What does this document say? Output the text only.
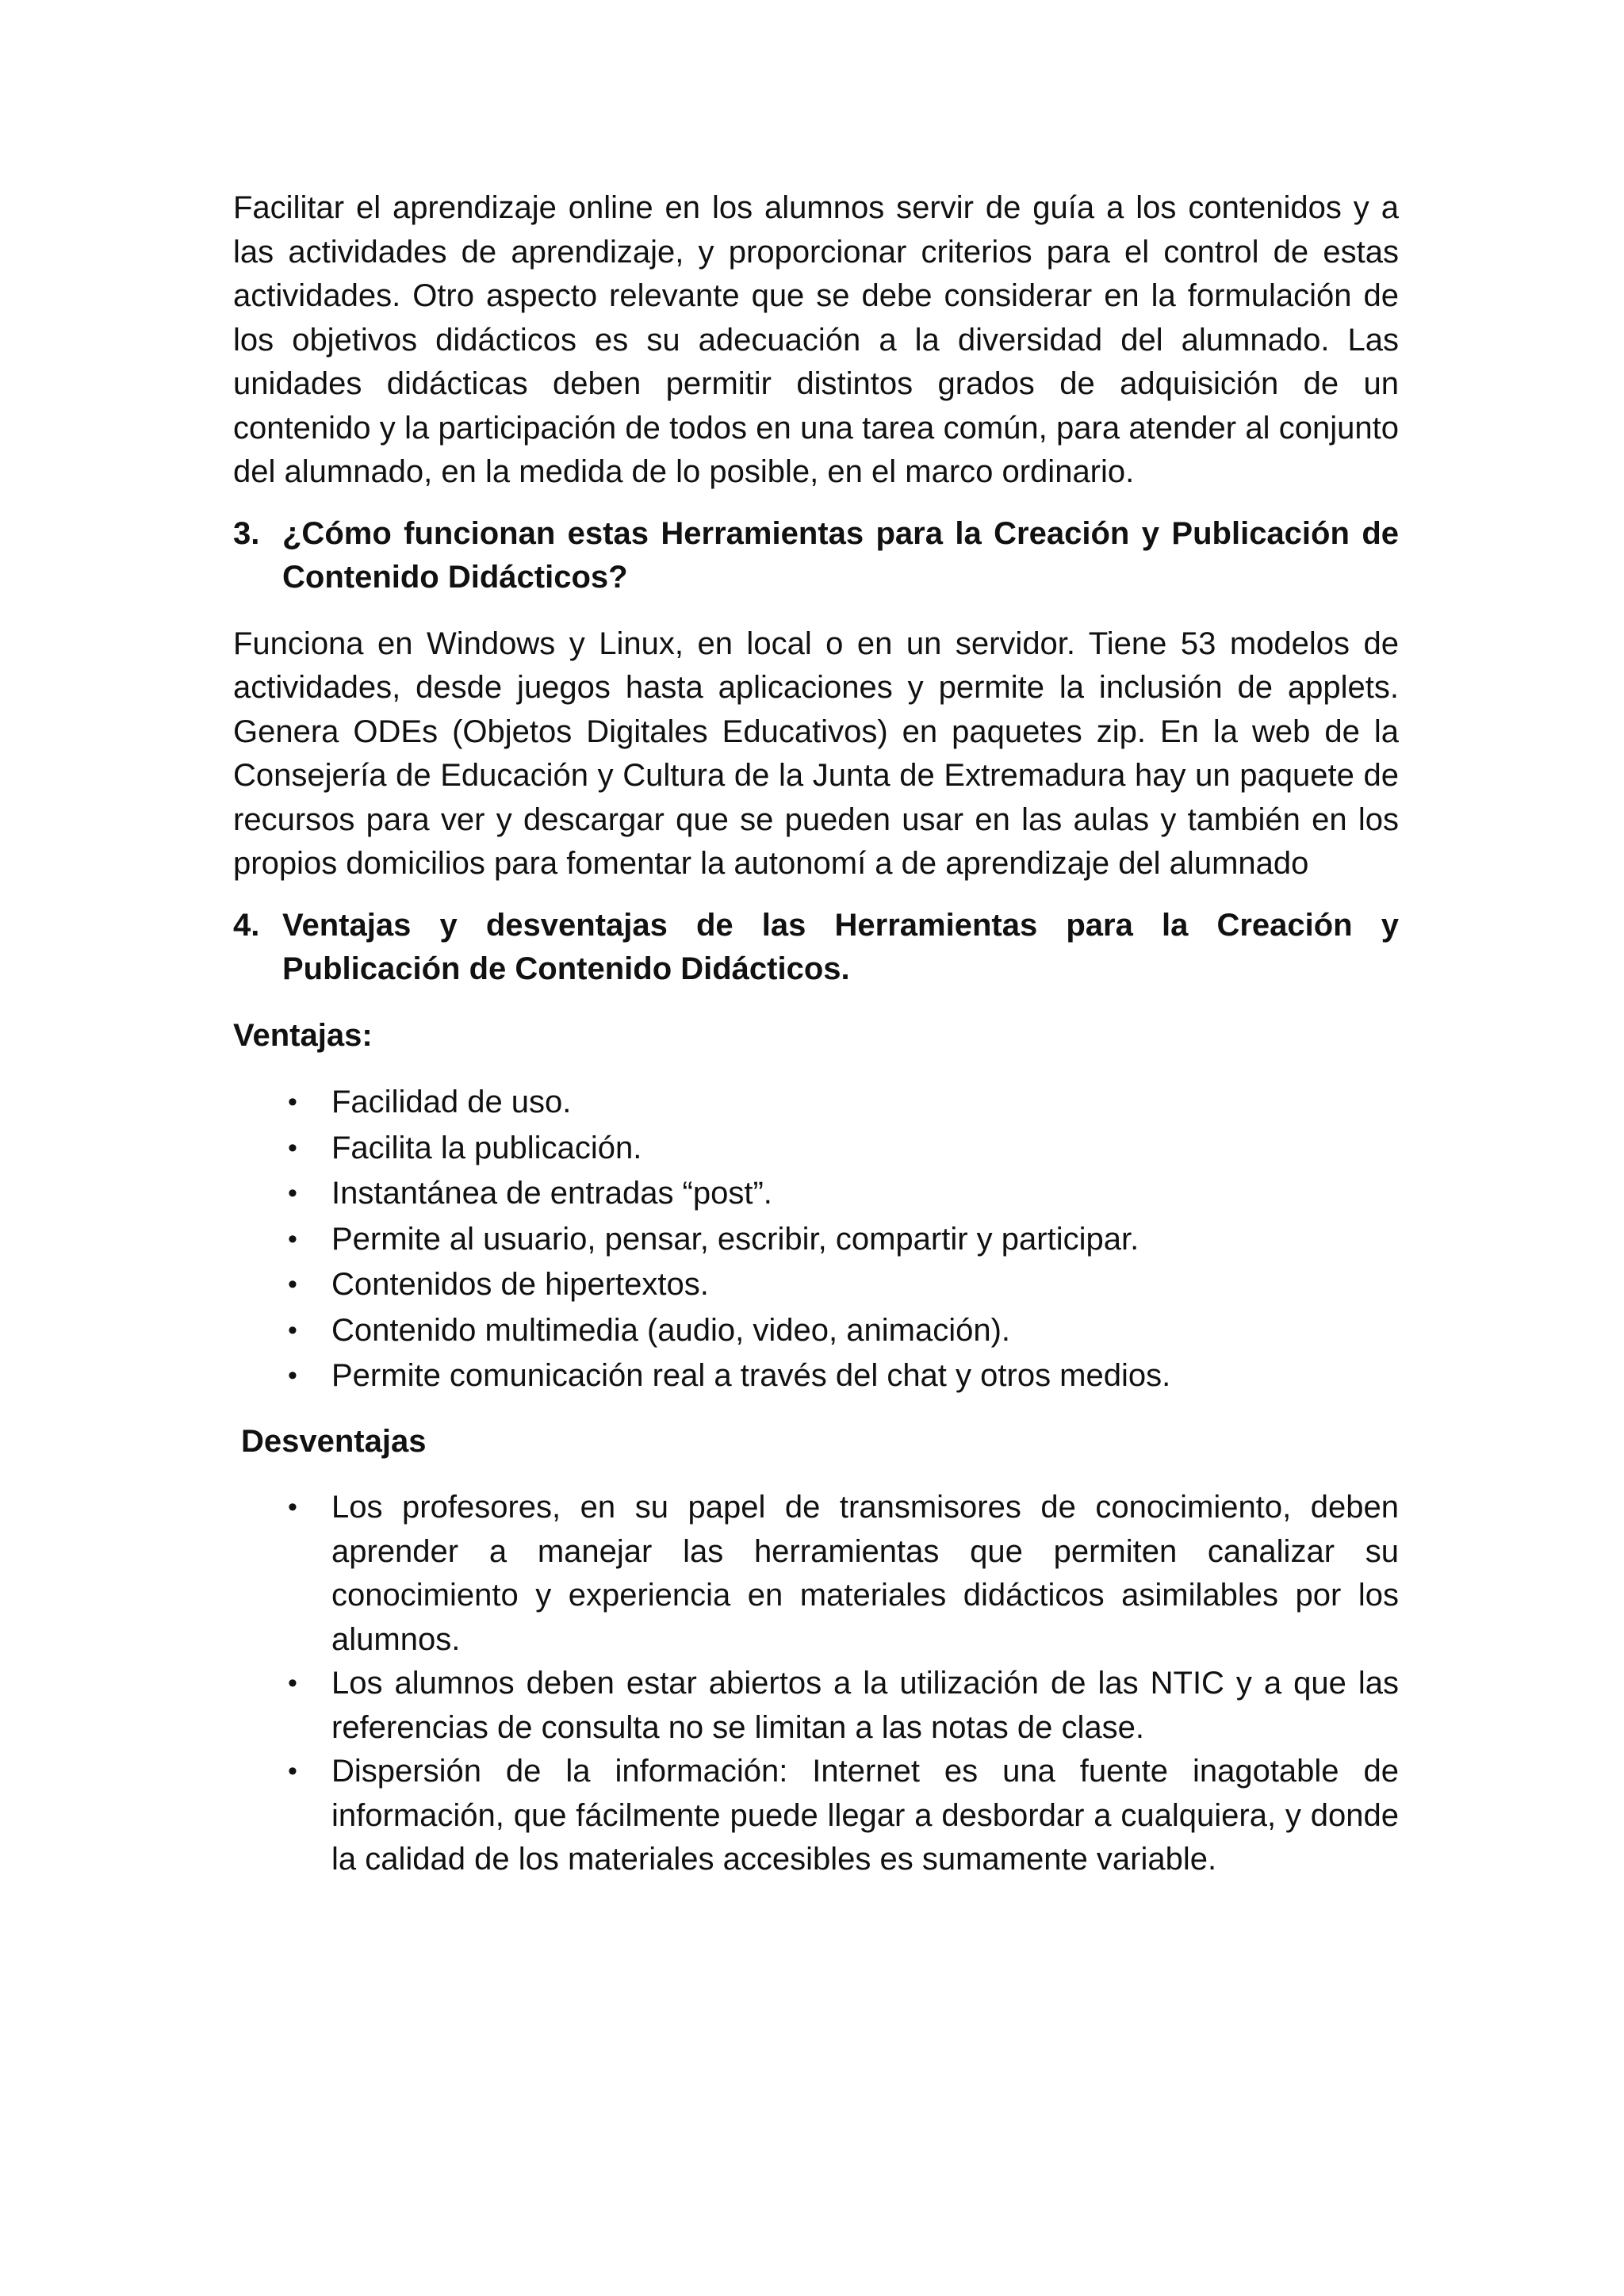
Facilitar el aprendizaje online en los alumnos servir de guía a los contenidos y a las actividades de aprendizaje, y proporcionar criterios para el control de estas actividades. Otro aspecto relevante que se debe considerar en la formulación de los objetivos didácticos es su adecuación a la diversidad del alumnado. Las unidades didácticas deben permitir distintos grados de adquisición de un contenido y la participación de todos en una tarea común, para atender al conjunto del alumnado, en la medida de lo posible, en el marco ordinario.

3. ¿Cómo funcionan estas Herramientas para la Creación y Publicación de Contenido Didácticos?

Funciona en Windows y Linux, en local o en un servidor. Tiene 53 modelos de actividades, desde juegos hasta aplicaciones y permite la inclusión de applets. Genera ODEs (Objetos Digitales Educativos) en paquetes zip. En la web de la Consejería de Educación y Cultura de la Junta de Extremadura hay un paquete de recursos para ver y descargar que se pueden usar en las aulas y también en los propios domicilios para fomentar la autonomí a de aprendizaje del alumnado

4. Ventajas y desventajas de las Herramientas para la Creación y Publicación de Contenido Didácticos.
Ventajas:
• Facilidad de uso.
• Facilita la publicación.
• Instantánea de entradas “post”.
• Permite al usuario, pensar, escribir, compartir y participar.
• Contenidos de hipertextos.
• Contenido multimedia (audio, video, animación).
• Permite comunicación real a través del chat y otros medios.
Desventajas
• Los profesores, en su papel de transmisores de conocimiento, deben aprender a manejar las herramientas que permiten canalizar su conocimiento y experiencia en materiales didácticos asimilables por los alumnos.
• Los alumnos deben estar abiertos a la utilización de las NTIC y a que las referencias de consulta no se limitan a las notas de clase.
• Dispersión de la información: Internet es una fuente inagotable de información, que fácilmente puede llegar a desbordar a cualquiera, y donde la calidad de los materiales accesibles es sumamente variable.
